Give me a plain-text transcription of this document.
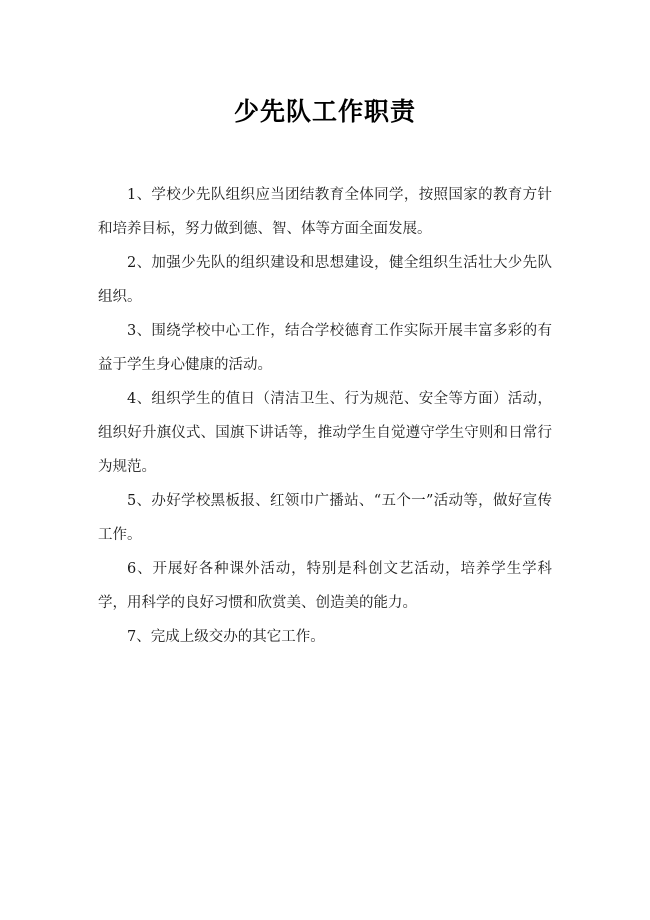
少先队工作职责

1、学校少先队组织应当团结教育全体同学，按照国家的教育方针和培养目标，努力做到德、智、体等方面全面发展。

2、加强少先队的组织建设和思想建设，健全组织生活壮大少先队组织。

3、围绕学校中心工作，结合学校德育工作实际开展丰富多彩的有益于学生身心健康的活动。

4、组织学生的值日（清洁卫生、行为规范、安全等方面）活动，组织好升旗仪式、国旗下讲话等，推动学生自觉遵守学生守则和日常行为规范。

5、办好学校黑板报、红领巾广播站、“五个一”活动等，做好宣传工作。

6、开展好各种课外活动，特别是科创文艺活动，培养学生学科学，用科学的良好习惯和欣赏美、创造美的能力。

7、完成上级交办的其它工作。
